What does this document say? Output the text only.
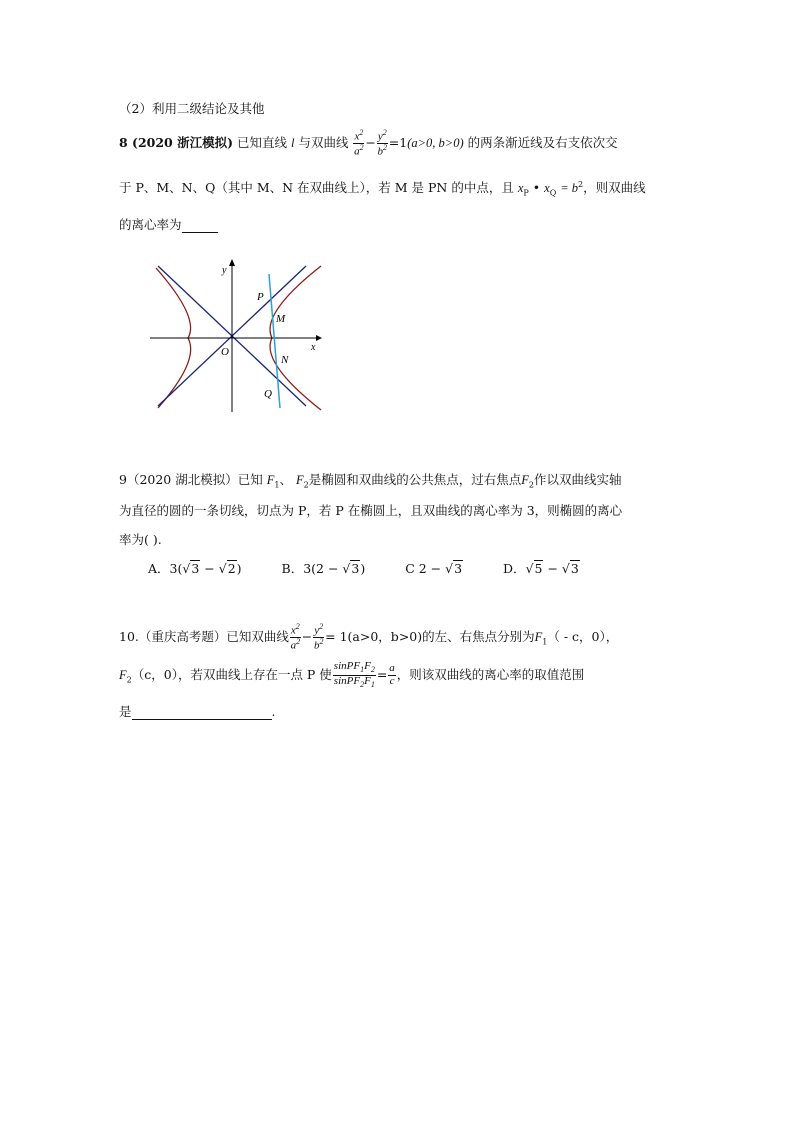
（2）利用二级结论及其他
8 (2020 浙江模拟) 已知直线 l 与双曲线 $\frac{x^2}{a^2} - \frac{y^2}{b^2} =1(a>0$, b>0) 的两条渐近线及右支依次交
于 P、M、N、Q（其中 M、N 在双曲线上），若 M 是 PN 的中点，且 $x_P$ • $x_Q = b^2$，则双曲线
的离心率为
x
y
O
P
M
N
Q
9（2020 湖北模拟）已知 $F_1$、 $F_2$是椭圆和双曲线的公共焦点，过右焦点$F_2$作以双曲线实轴
为直径的圆的一条切线，切点为 P，若 P 在椭圆上，且双曲线的离心率为 3，则椭圆的离心
率为( ).
A．3(√3 − √2)	B．3(2 − √3)	C 2 − √3	D．√5 − √3
10.（重庆高考题）已知双曲线 $\frac{x^2}{a^2} - \frac{y^2}{b^2} = 1(a>0$，b>0)的左、右焦点分别为$F_1$（ - c，0），
$F_2(c$，0），若双曲线上存在一点 P 使 $\frac{sinPF_1F_2}{sinPF_2F_1} = \frac{a}{c}$ ，则该双曲线的离心率的取值范围
是	.
